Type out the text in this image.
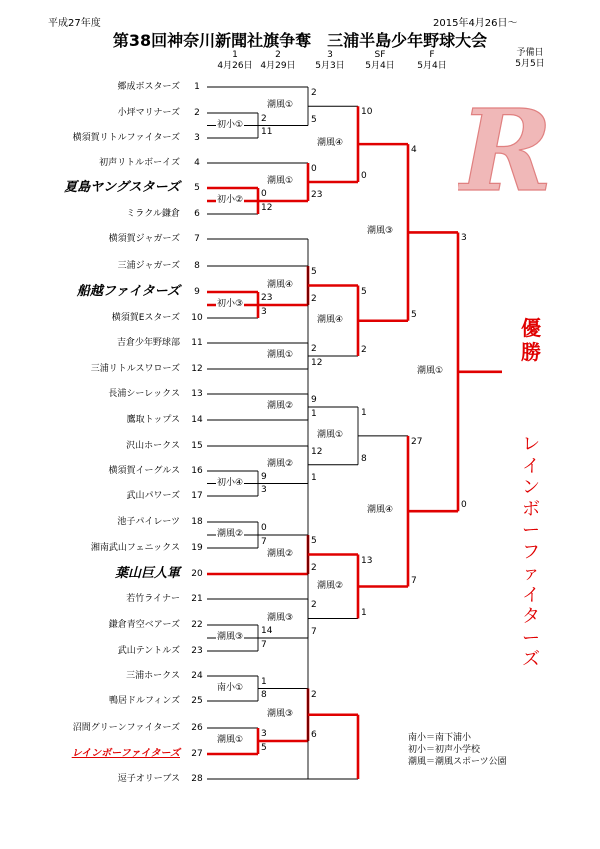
平成27年度	2015年4月26日～
第38回神奈川新聞社旗争奪　三浦半島少年野球大会
1
4月26日
2
4月29日
3
5月3日
SF
5月4日
F
5月4日
予備日
5月5日
郷成ボスターズ	1
小坪マリナーズ	2
横須賀リトルファイターズ	3
初声リトルボーイズ	4
夏島ヤングスターズ	5
ミラクル鎌倉	6
横須賀ジャガーズ	7
三浦ジャガーズ	8
船越ファイターズ	9
横須賀Eスターズ 10
吉倉少年野球部 11
三浦リトルスワローズ 12
長浦シーレックス 13
鷹取トップス 14
沢山ホークス 15
横須賀イーグルス 16
武山パワーズ 17
池子パイレーツ 18
湘南武山フェニックス 19
葉山巨人軍 20
若竹ライナー 21
鎌倉青空ベアーズ 22
武山テントルズ 23
三浦ホークス 24
鴨居ドルフィンズ 25
沼間グリーンファイターズ 26
レインボーファイターズ 27
逗子オリーブス 28
2
11
0
12
23
3
9
3
0
7
14
7
1
8
3
5
2
5
0
23
5
2
2
12
9
1
12
1
5
2
2
7
2
6
10
0
5
2
1
8
13
1
4
5
27
7
3
0
初小①
初小②
初小③
初小④
潮風②
潮風③
南小①
潮風①
潮風①
潮風①
潮風④
潮風①
潮風②
潮風②
潮風②
潮風③
潮風③
潮風④
潮風④
潮風①
潮風②
潮風③
潮風④
潮風①
優勝
レインボーファイターズ
南小＝南下浦小
初小＝初声小学校
潮風＝潮風スポーツ公園
R
